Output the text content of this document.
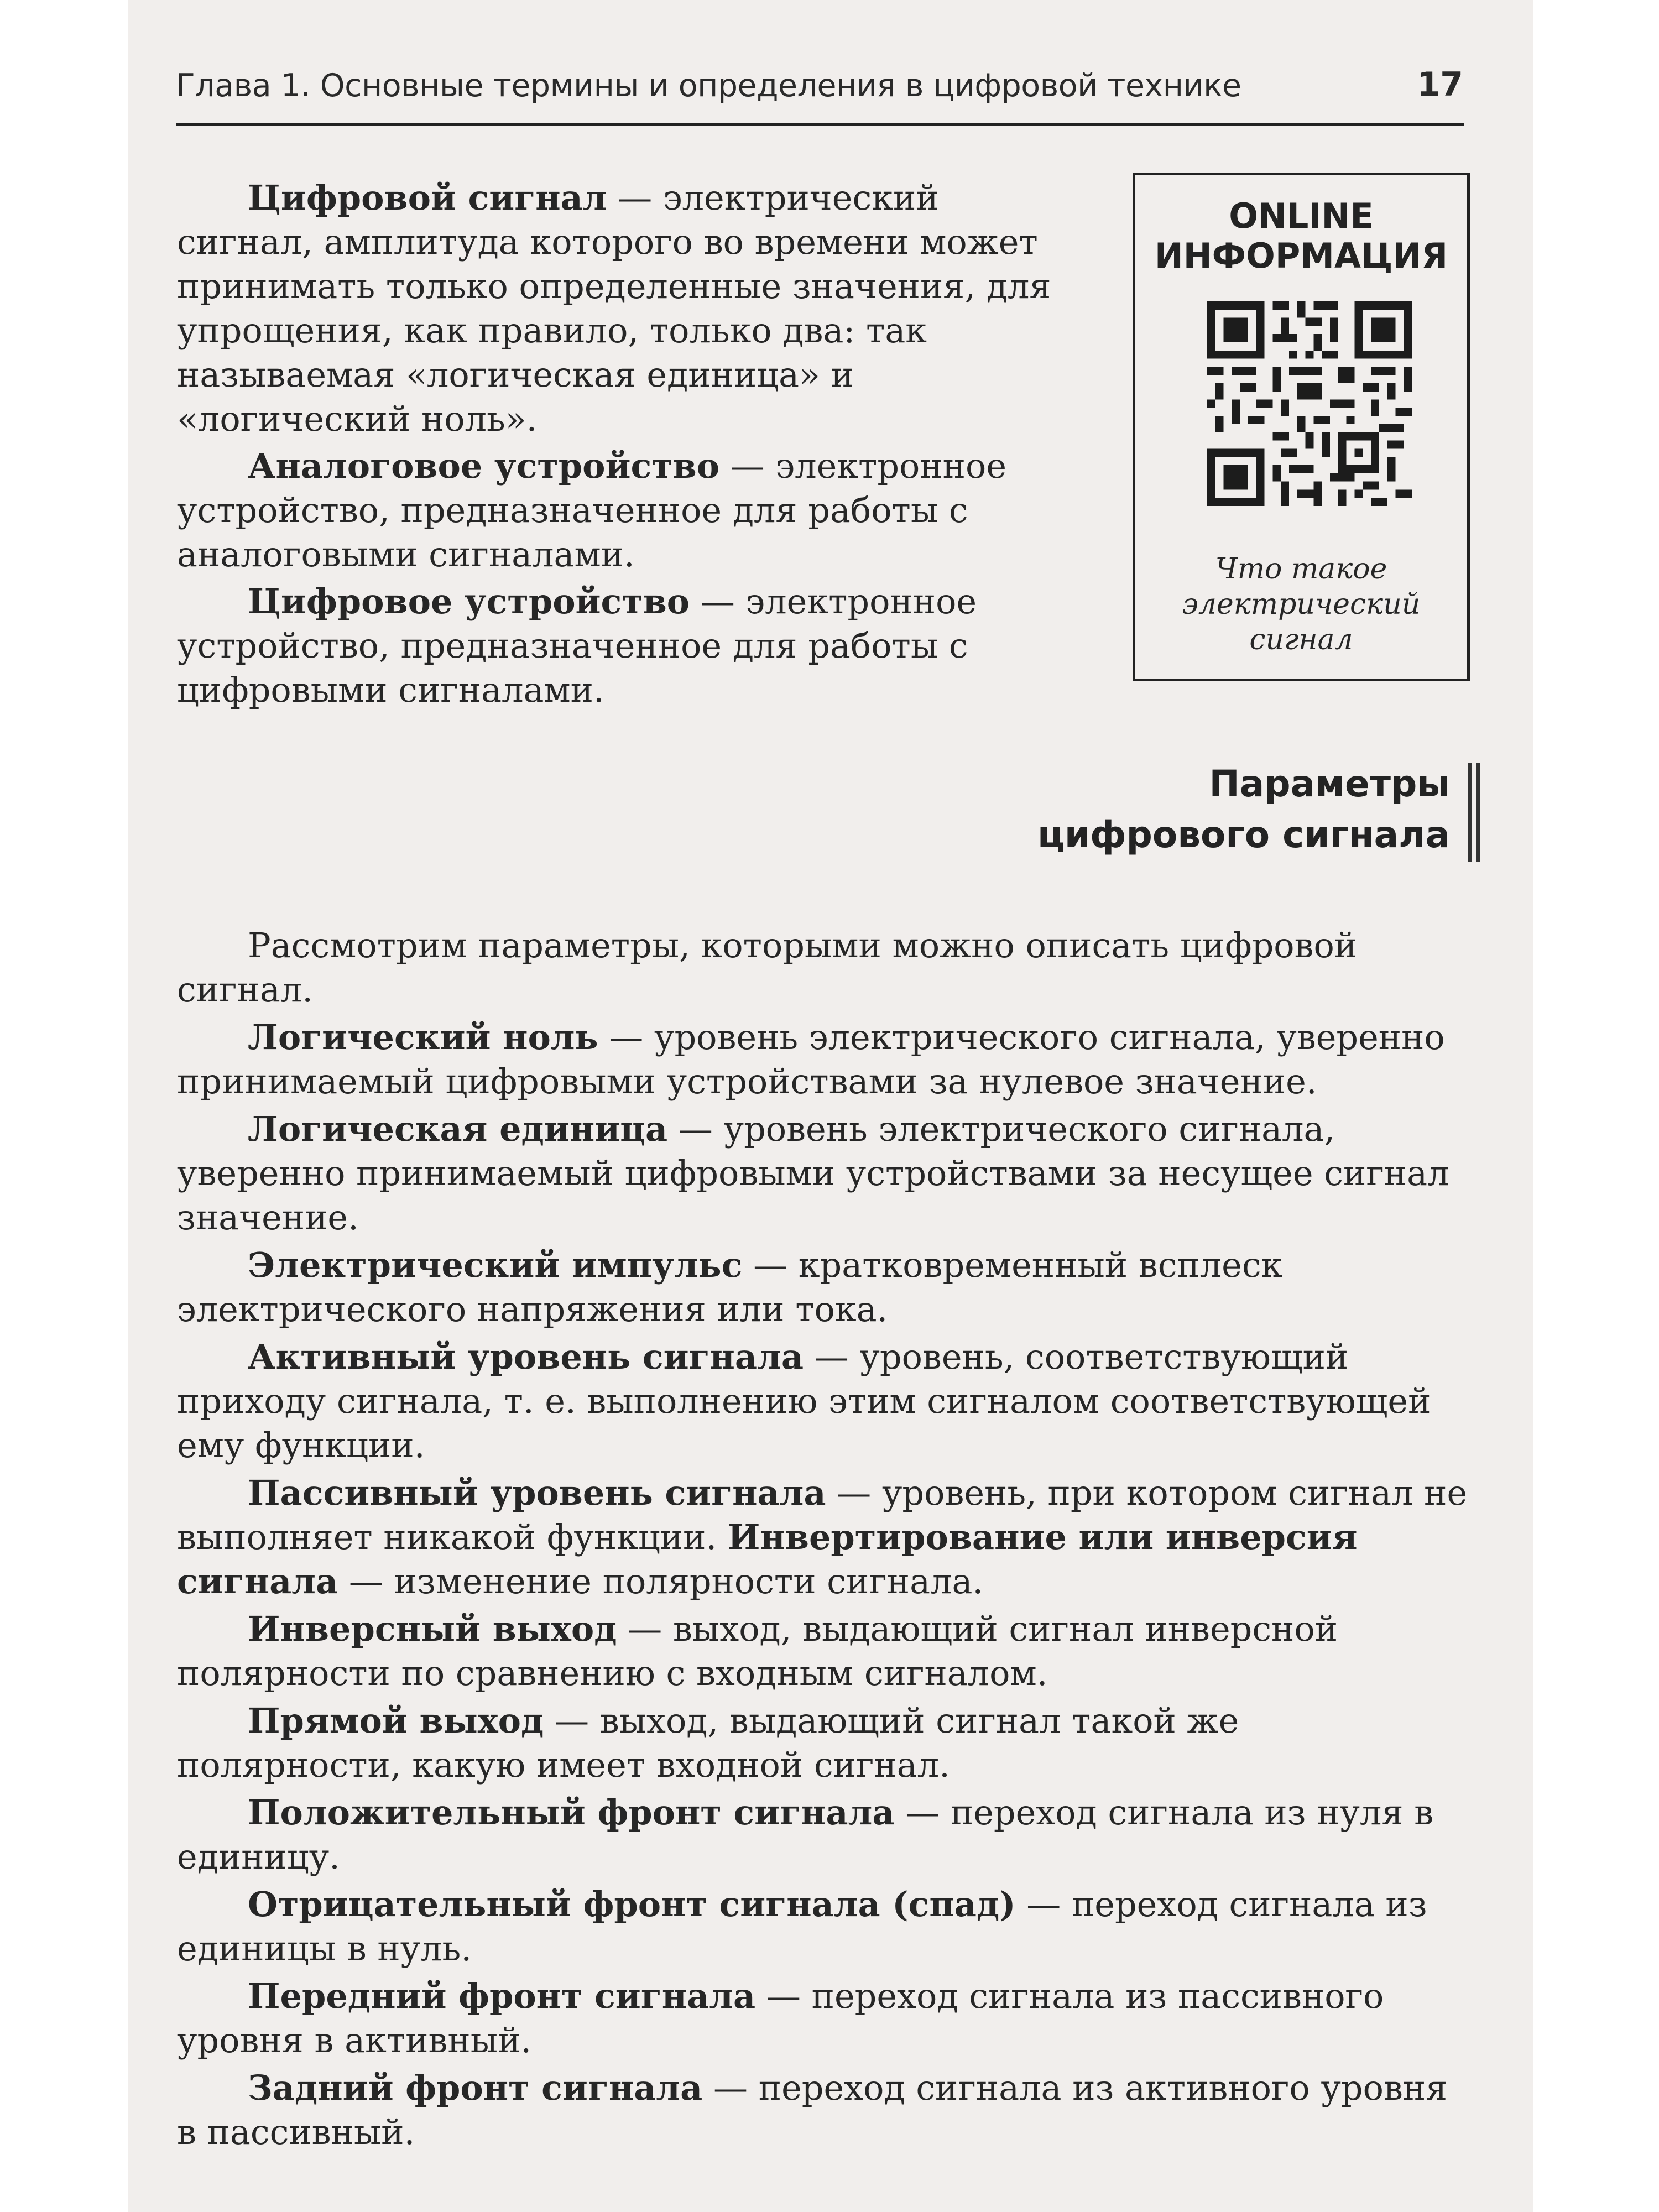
Глава 1. Основные термины и определения в цифровой технике	17

Цифровой сигнал — электрический сигнал, амплитуда которого во времени может принимать только определенные значения, для упрощения, как правило, только два: так называемая «логическая единица» и «логический ноль».

Аналоговое устройство — электронное устройство, предназначенное для работы с аналоговыми сигналами.

Цифровое устройство — электронное устройство, предназначенное для работы с цифровыми сигналами.

ONLINE
ИНФОРМАЦИЯ
Что такое
электрический
сигнал
Параметры
цифрового сигнала

Рассмотрим параметры, которыми можно описать цифровой сигнал.

Логический ноль — уровень электрического сигнала, уверенно принимаемый цифровыми устройствами за нулевое значение.

Логическая единица — уровень электрического сигнала, уверенно принимаемый цифровыми устройствами за несущее сигнал значение.

Электрический импульс — кратковременный всплеск электрического напряжения или тока.

Активный уровень сигнала — уровень, соответствующий приходу сигнала, т. е. выполнению этим сигналом соответствующей ему функции.

Пассивный уровень сигнала — уровень, при котором сигнал не выполняет никакой функции. Инвертирование или инверсия сигнала — изменение полярности сигнала.

Инверсный выход — выход, выдающий сигнал инверсной полярности по сравнению с входным сигналом.

Прямой выход — выход, выдающий сигнал такой же полярности, какую имеет входной сигнал.

Положительный фронт сигнала — переход сигнала из нуля в единицу.

Отрицательный фронт сигнала (спад) — переход сигнала из единицы в нуль.

Передний фронт сигнала — переход сигнала из пассивного уровня в активный.

Задний фронт сигнала — переход сигнала из активного уровня в пассивный.
